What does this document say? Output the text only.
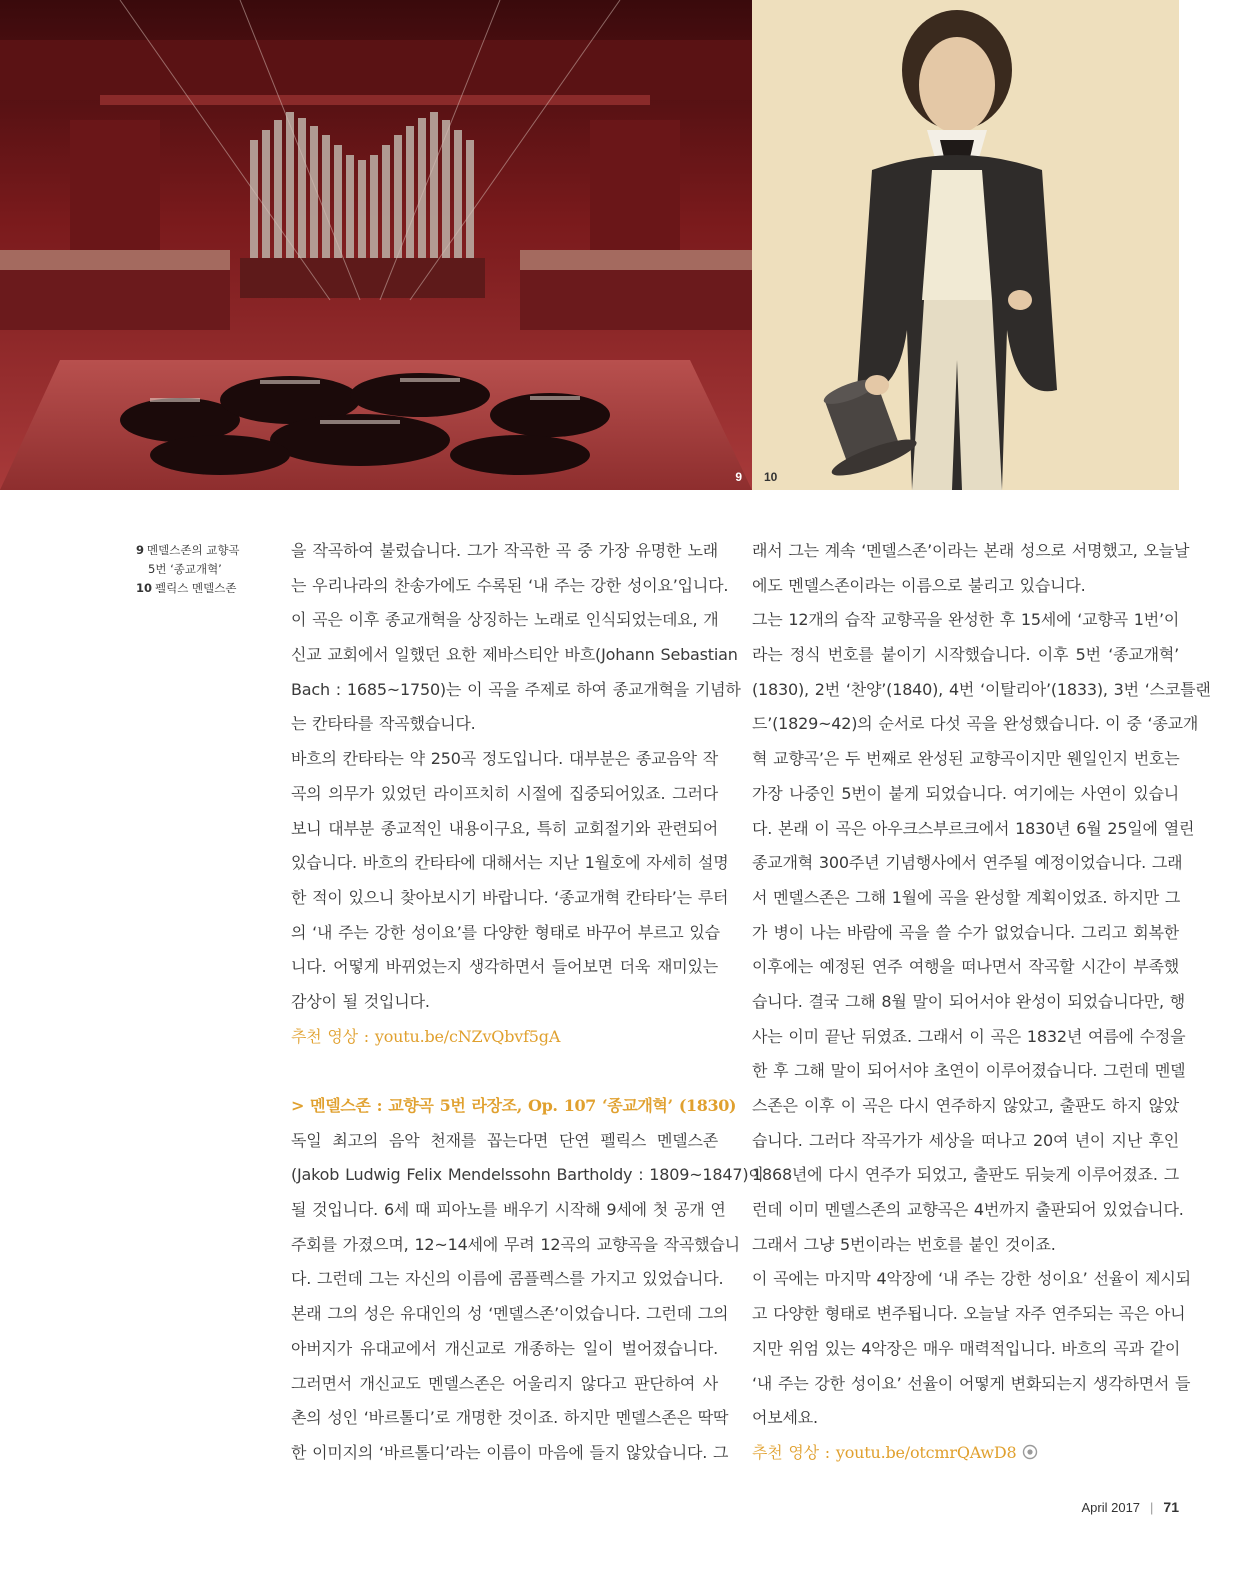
9 10
9 멘델스존의 교향곡
5번 ‘종교개혁’
10 펠릭스 멘델스존
을 작곡하여 불렀습니다. 그가 작곡한 곡 중 가장 유명한 노래
는 우리나라의 찬송가에도 수록된 ‘내 주는 강한 성이요’입니다.
이 곡은 이후 종교개혁을 상징하는 노래로 인식되었는데요, 개
신교 교회에서 일했던 요한 제바스티안 바흐(Johann Sebastian
Bach : 1685~1750)는 이 곡을 주제로 하여 종교개혁을 기념하
는 칸타타를 작곡했습니다.
바흐의 칸타타는 약 250곡 정도입니다. 대부분은 종교음악 작
곡의 의무가 있었던 라이프치히 시절에 집중되어있죠. 그러다
보니 대부분 종교적인 내용이구요, 특히 교회절기와 관련되어
있습니다. 바흐의 칸타타에 대해서는 지난 1월호에 자세히 설명
한 적이 있으니 찾아보시기 바랍니다. ‘종교개혁 칸타타’는 루터
의 ‘내 주는 강한 성이요’를 다양한 형태로 바꾸어 부르고 있습
니다. 어떻게 바뀌었는지 생각하면서 들어보면 더욱 재미있는
감상이 될 것입니다.
추천 영상 : youtu.be/cNZvQbvf5gA
> 멘델스존 : 교향곡 5번 라장조, Op. 107 ‘종교개혁’ (1830)
독일 최고의 음악 천재를 꼽는다면 단연 펠릭스 멘델스존
(Jakob Ludwig Felix Mendelssohn Bartholdy : 1809~1847)이
될 것입니다. 6세 때 피아노를 배우기 시작해 9세에 첫 공개 연
주회를 가졌으며, 12~14세에 무려 12곡의 교향곡을 작곡했습니
다. 그런데 그는 자신의 이름에 콤플렉스를 가지고 있었습니다.
본래 그의 성은 유대인의 성 ‘멘델스존’이었습니다. 그런데 그의
아버지가 유대교에서 개신교로 개종하는 일이 벌어졌습니다.
그러면서 개신교도 멘델스존은 어울리지 않다고 판단하여 사
촌의 성인 ‘바르톨디’로 개명한 것이죠. 하지만 멘델스존은 딱딱
한 이미지의 ‘바르톨디’라는 이름이 마음에 들지 않았습니다. 그
래서 그는 계속 ‘멘델스존’이라는 본래 성으로 서명했고, 오늘날
에도 멘델스존이라는 이름으로 불리고 있습니다.
그는 12개의 습작 교향곡을 완성한 후 15세에 ‘교향곡 1번’이
라는 정식 번호를 붙이기 시작했습니다. 이후 5번 ‘종교개혁’
(1830), 2번 ‘찬양’(1840), 4번 ‘이탈리아’(1833), 3번 ‘스코틀랜
드’(1829~42)의 순서로 다섯 곡을 완성했습니다. 이 중 ‘종교개
혁 교향곡’은 두 번째로 완성된 교향곡이지만 웬일인지 번호는
가장 나중인 5번이 붙게 되었습니다. 여기에는 사연이 있습니
다. 본래 이 곡은 아우크스부르크에서 1830년 6월 25일에 열린
종교개혁 300주년 기념행사에서 연주될 예정이었습니다. 그래
서 멘델스존은 그해 1월에 곡을 완성할 계획이었죠. 하지만 그
가 병이 나는 바람에 곡을 쓸 수가 없었습니다. 그리고 회복한
이후에는 예정된 연주 여행을 떠나면서 작곡할 시간이 부족했
습니다. 결국 그해 8월 말이 되어서야 완성이 되었습니다만, 행
사는 이미 끝난 뒤였죠. 그래서 이 곡은 1832년 여름에 수정을
한 후 그해 말이 되어서야 초연이 이루어졌습니다. 그런데 멘델
스존은 이후 이 곡은 다시 연주하지 않았고, 출판도 하지 않았
습니다. 그러다 작곡가가 세상을 떠나고 20여 년이 지난 후인
1868년에 다시 연주가 되었고, 출판도 뒤늦게 이루어졌죠. 그
런데 이미 멘델스존의 교향곡은 4번까지 출판되어 있었습니다.
그래서 그냥 5번이라는 번호를 붙인 것이죠.
이 곡에는 마지막 4악장에 ‘내 주는 강한 성이요’ 선율이 제시되
고 다양한 형태로 변주됩니다. 오늘날 자주 연주되는 곡은 아니
지만 위엄 있는 4악장은 매우 매력적입니다. 바흐의 곡과 같이
‘내 주는 강한 성이요’ 선율이 어떻게 변화되는지 생각하면서 들
어보세요.
추천 영상 : youtu.be/otcmrQAwD8
April 2017 | 71
